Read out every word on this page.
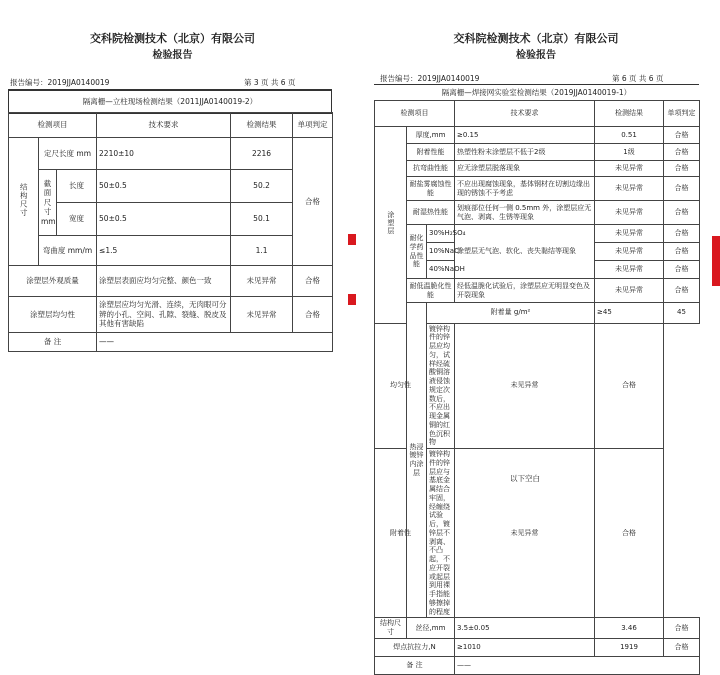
交科院检测技术（北京）有限公司
检验报告
报告编号：2019JJA0140019	第 3 页 共 6 页
隔离栅—立柱现场检测结果（2011JJA0140019-2）
检测项目			技术要求	检测结果	单项判定
结构尺寸	定尺长度 mm		2210±10	2216	合格
	截面尺寸 mm	长度	50±0.5	50.2	
		宽度	50±0.5	50.1	
	弯曲度 mm/m		≤1.5	1.1	
涂塑层外观质量			涂塑层表面应均匀完整、颜色一致	未见异常	合格
涂塑层均匀性			涂塑层应均匀光滑、连续，无肉眼可分辨的小孔、空间、孔隙、裂缝、脱皮及其他有害缺陷	未见异常	合格
备 注			——		
交科院检测技术（北京）有限公司
检验报告
报告编号：2019JJA0140019	第 6 页 共 6 页
隔离栅—焊接网实验室检测结果（2019JJA0140019-1）
检测项目			技术要求	检测结果	单项判定	
涂塑层	厚度,mm		≥0.15	0.51	合格	
	附着性能		热塑性粉末涂塑层不低于2级	1级	合格	
	抗弯曲性能		应无涂塑层脱落现象	未见异常	合格	
	耐盐雾腐蚀性能		不应出现腐蚀现象，基体钢材在切割边缘出现的锈蚀不予考虑	未见异常	合格	
	耐湿热性能		划痕部位任何一侧 0.5mm 外，涂塑层应无气泡、剥离、生锈等现象	未见异常	合格	
	耐化学药品性能	30%H₂SO₄	涂塑层无气泡、软化、丧失黏结等现象	未见异常	合格	
		10%NaCl		未见异常	合格	
		40%NaOH		未见异常	合格	
	耐低温脆化性能		经低温脆化试验后，涂塑层应无明显变色及开裂现象	未见异常	合格	
	热浸镀锌内涂层	附着量 g/m²		≥45	45	
均匀性		镀锌构件的锌层应均匀，试样经硫酸铜溶液侵蚀规定次数后，不应出现金属铜的红色沉积物	未见异常	合格		
附着性		镀锌构件的锌层应与基底金属结合牢固，经缠绕试验后，镀锌层不剥离、不凸起，不应开裂或起层到用裸手指能够擦掉的程度	未见异常	合格		
结构尺寸	丝径,mm		3.5±0.05	3.46	合格	
焊点抗拉力,N			≥1010	1919	合格	
备 注			——			
以下空白
